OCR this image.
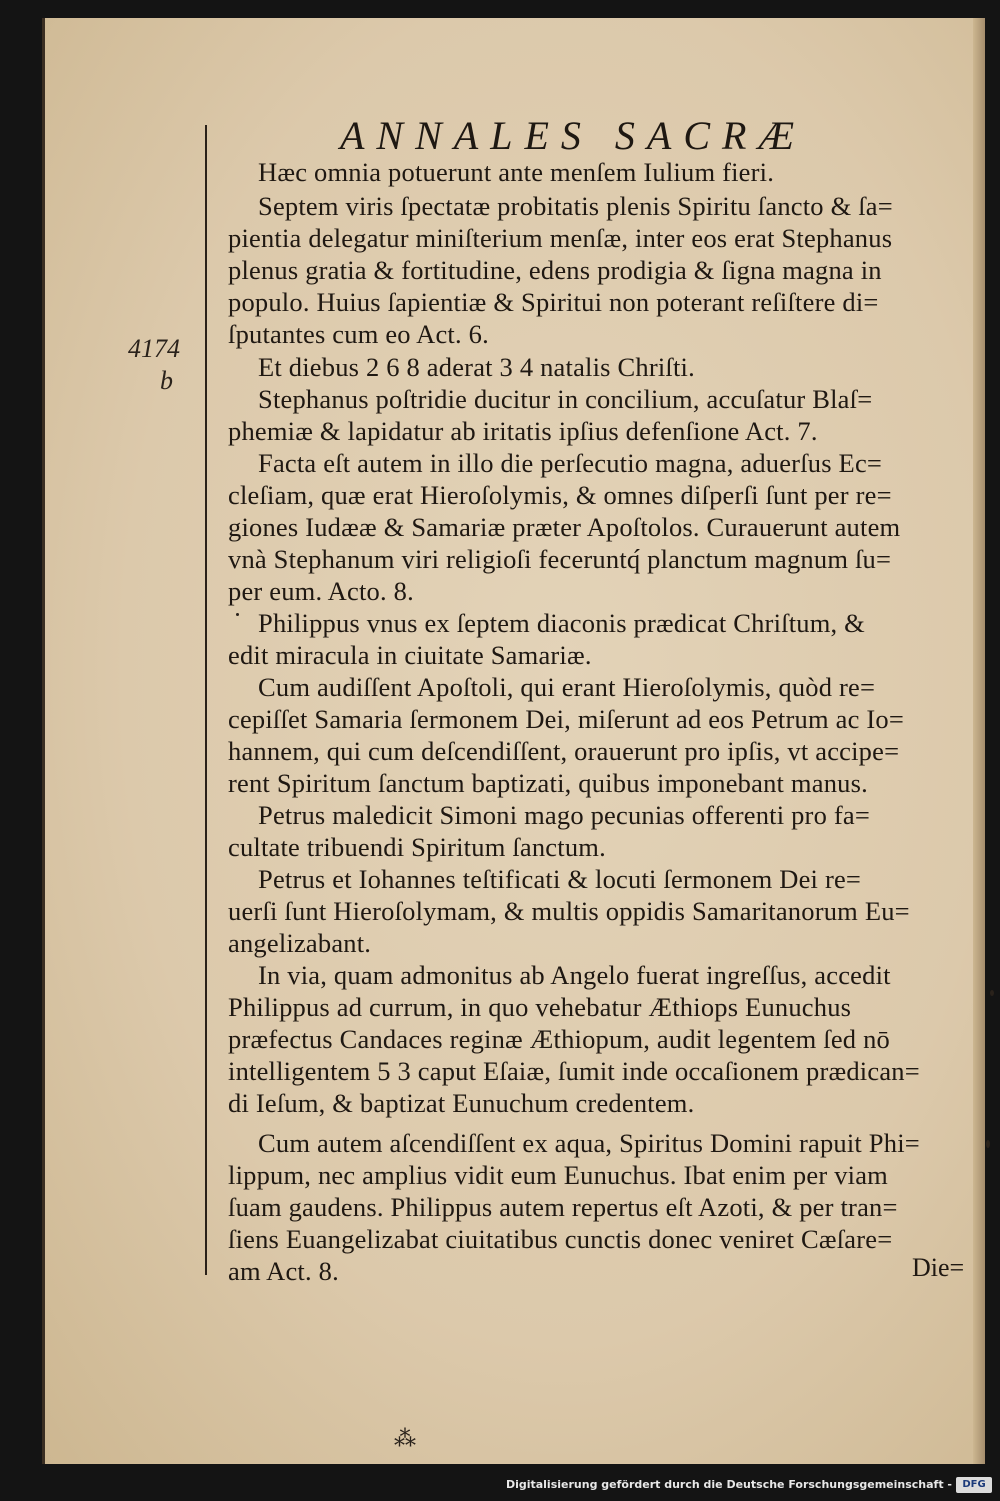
ANNALES SACRÆ
4174
b
Hæc omnia potuerunt ante menſem Iulium fieri.
Septem viris ſpectatæ probitatis plenis Spiritu ſancto & ſa=
pientia delegatur miniſterium menſæ, inter eos erat Stephanus
plenus gratia & fortitudine, edens prodigia & ſigna magna in
populo. Huius ſapientiæ & Spiritui non poterant reſiſtere di=
ſputantes cum eo Act. 6.
Et diebus 2 6 8 aderat 3 4 natalis Chriſti.
Stephanus poſtridie ducitur in concilium, accuſatur Blaſ=
phemiæ & lapidatur ab iritatis ipſius defenſione Act. 7.
Facta eſt autem in illo die perſecutio magna, aduerſus Ec=
cleſiam, quæ erat Hieroſolymis, & omnes diſperſi ſunt per re=
giones Iudææ & Samariæ præter Apoſtolos. Curauerunt autem
vnà Stephanum viri religioſi feceruntq́ planctum magnum ſu=
per eum. Acto. 8.
Philippus vnus ex ſeptem diaconis prædicat Chriſtum, &
edit miracula in ciuitate Samariæ.
Cum audiſſent Apoſtoli, qui erant Hieroſolymis, quòd re=
cepiſſet Samaria ſermonem Dei, miſerunt ad eos Petrum ac Io=
hannem, qui cum deſcendiſſent, orauerunt pro ipſis, vt accipe=
rent Spiritum ſanctum baptizati, quibus imponebant manus.
Petrus maledicit Simoni mago pecunias offerenti pro fa=
cultate tribuendi Spiritum ſanctum.
Petrus et Iohannes teſtificati & locuti ſermonem Dei re=
uerſi ſunt Hieroſolymam, & multis oppidis Samaritanorum Eu=
angelizabant.
In via, quam admonitus ab Angelo fuerat ingreſſus, accedit
Philippus ad currum, in quo vehebatur Æthiops Eunuchus
præfectus Candaces reginæ Æthiopum, audit legentem ſed nō
intelligentem 5 3 caput Eſaiæ, ſumit inde occaſionem prædican=
di Ieſum, & baptizat Eunuchum credentem.
Cum autem aſcendiſſent ex aqua, Spiritus Domini rapuit Phi=
lippum, nec amplius vidit eum Eunuchus. Ibat enim per viam
ſuam gaudens. Philippus autem repertus eſt Azoti, & per tran=
ſiens Euangelizabat ciuitatibus cunctis donec veniret Cæſare=
am Act. 8.	Die=
⁂
Digitalisierung gefördert durch die Deutsche Forschungsgemeinschaft -	DFG
